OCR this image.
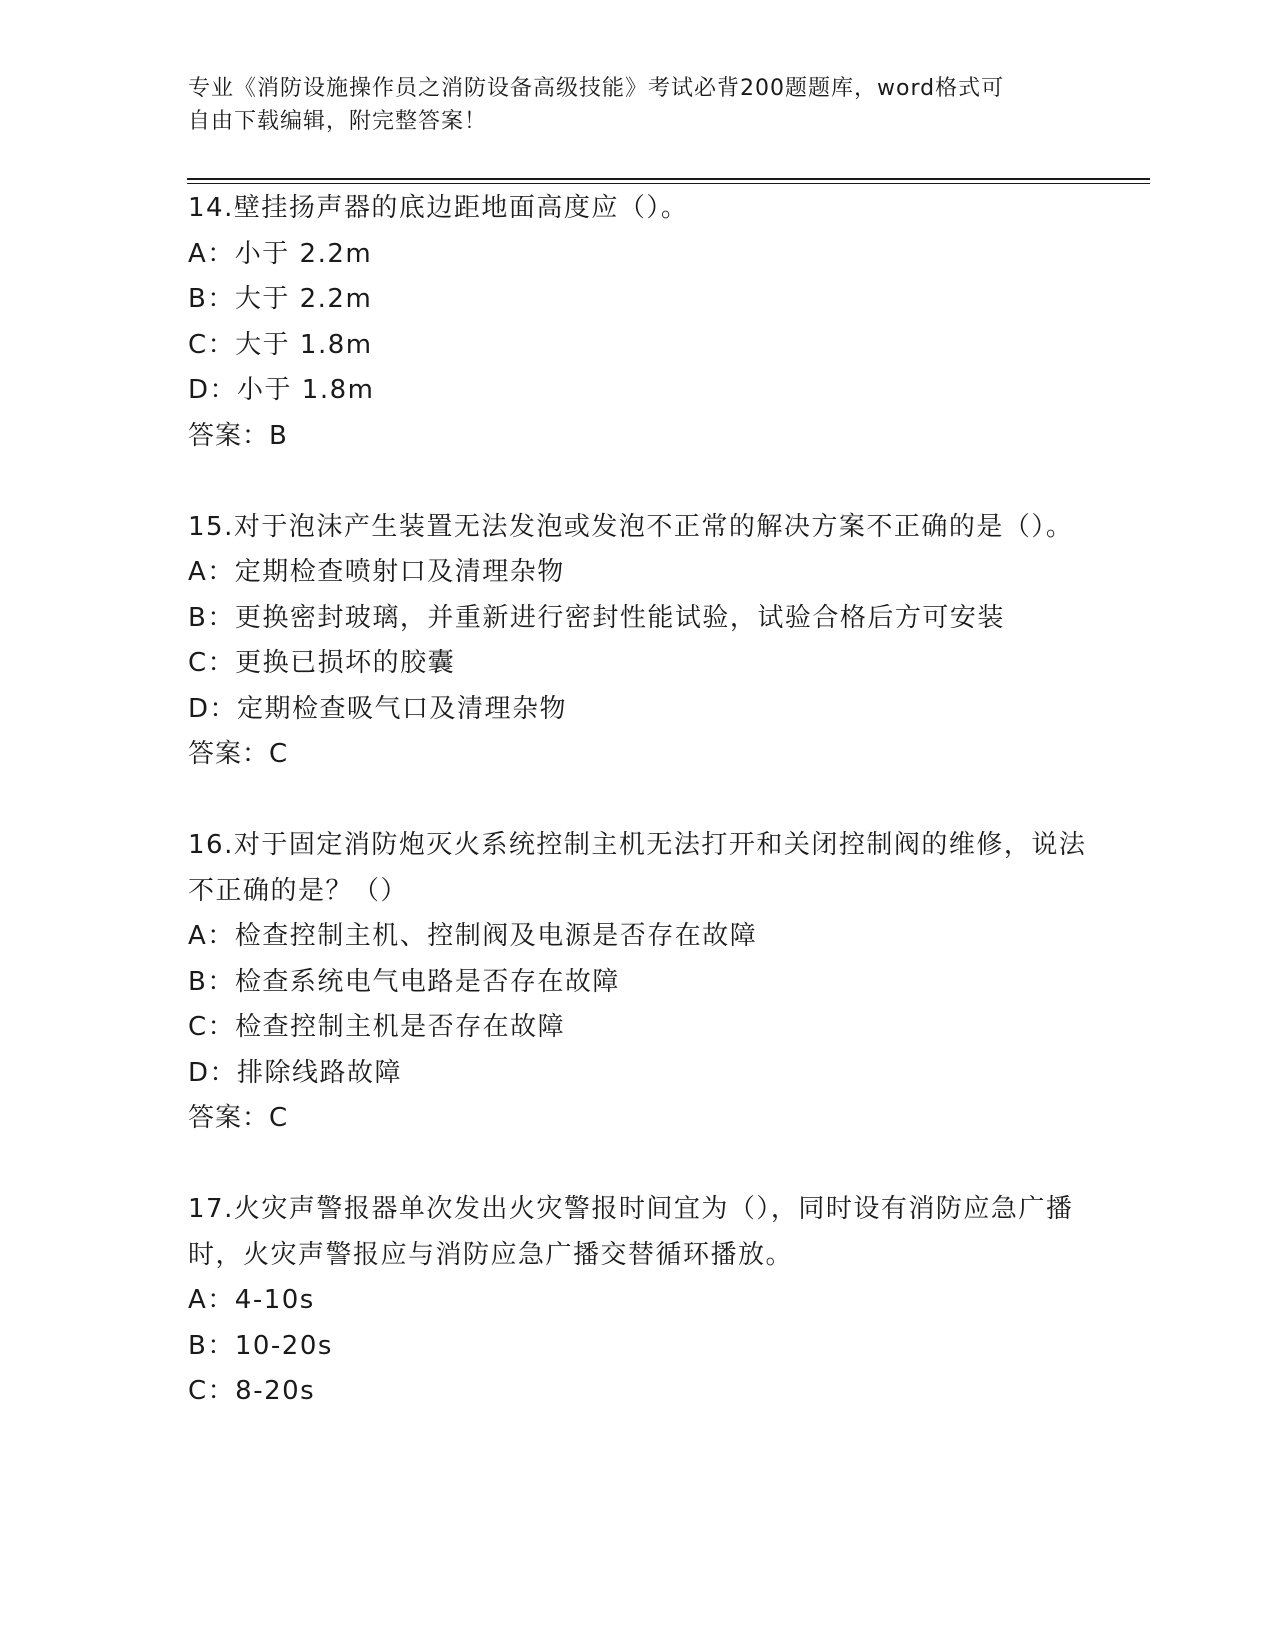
专业《消防设施操作员之消防设备高级技能》考试必背200题题库，word格式可
自由下载编辑，附完整答案！

14.壁挂扬声器的底边距地面高度应（）。

A：小于 2.2m

B：大于 2.2m

C：大于 1.8m

D：小于 1.8m

答案：B

15.对于泡沫产生装置无法发泡或发泡不正常的解决方案不正确的是（）。

A：定期检查喷射口及清理杂物

B：更换密封玻璃，并重新进行密封性能试验，试验合格后方可安装

C：更换已损坏的胶囊

D：定期检查吸气口及清理杂物

答案：C

16.对于固定消防炮灭火系统控制主机无法打开和关闭控制阀的维修，说法不正确的是？（）

A：检查控制主机、控制阀及电源是否存在故障

B：检查系统电气电路是否存在故障

C：检查控制主机是否存在故障

D：排除线路故障

答案：C

17.火灾声警报器单次发出火灾警报时间宜为（），同时设有消防应急广播时，火灾声警报应与消防应急广播交替循环播放。

A：4-10s

B：10-20s

C：8-20s
